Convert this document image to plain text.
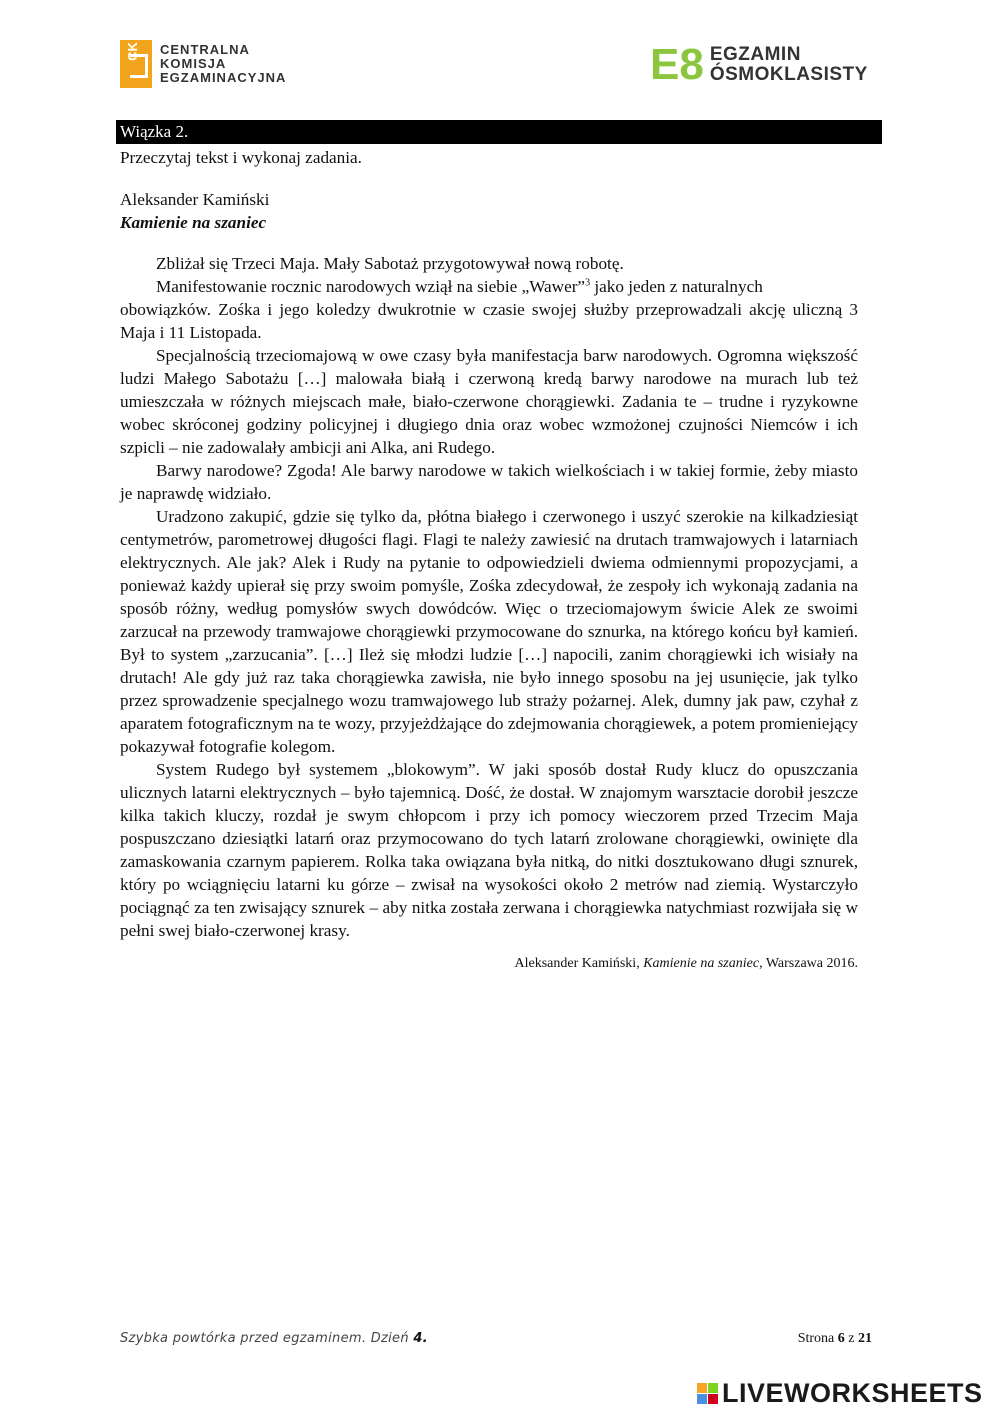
CK CENTRALNA
KOMISJA
EGZAMINACYJNA	E8 EGZAMIN
ÓSMOKLASISTY
Wiązka 2.

Przeczytaj tekst i wykonaj zadania.

Aleksander Kamiński

Kamienie na szaniec

Zbliżał się Trzeci Maja. Mały Sabotaż przygotowywał nową robotę.

Manifestowanie rocznic narodowych wziął na siebie „Wawer”$^3$ jako jeden z naturalnych

obowiązków. Zośka i jego koledzy dwukrotnie w czasie swojej służby przeprowadzali akcję uliczną 3 Maja i 11 Listopada.

Specjalnością trzeciomajową w owe czasy była manifestacja barw narodowych. Ogromna większość ludzi Małego Sabotażu […] malowała białą i czerwoną kredą barwy narodowe na murach lub też umieszczała w różnych miejscach małe, biało-czerwone chorągiewki. Zadania te – trudne i ryzykowne wobec skróconej godziny policyjnej i długiego dnia oraz wobec wzmożonej czujności Niemców i ich szpicli – nie zadowalały ambicji ani Alka, ani Rudego.

Barwy narodowe? Zgoda! Ale barwy narodowe w takich wielkościach i w takiej formie, żeby miasto je naprawdę widziało.

Uradzono zakupić, gdzie się tylko da, płótna białego i czerwonego i uszyć szerokie na kilkadziesiąt centymetrów, parometrowej długości flagi. Flagi te należy zawiesić na drutach tramwajowych i latarniach elektrycznych. Ale jak? Alek i Rudy na pytanie to odpowiedzieli dwiema odmiennymi propozycjami, a ponieważ każdy upierał się przy swoim pomyśle, Zośka zdecydował, że zespoły ich wykonają zadania na sposób różny, według pomysłów swych dowódców. Więc o trzeciomajowym świcie Alek ze swoimi zarzucał na przewody tramwajowe chorągiewki przymocowane do sznurka, na którego końcu był kamień. Był to system „zarzucania”. […] Ileż się młodzi ludzie […] napocili, zanim chorągiewki ich wisiały na drutach! Ale gdy już raz taka chorągiewka zawisła, nie było innego sposobu na jej usunięcie, jak tylko przez sprowadzenie specjalnego wozu tramwajowego lub straży pożarnej. Alek, dumny jak paw, czyhał z aparatem fotograficznym na te wozy, przyjeżdżające do zdejmowania chorągiewek, a potem promieniejący pokazywał fotografie kolegom.

System Rudego był systemem „blokowym”. W jaki sposób dostał Rudy klucz do opuszczania ulicznych latarni elektrycznych – było tajemnicą. Dość, że dostał. W znajomym warsztacie dorobił jeszcze kilka takich kluczy, rozdał je swym chłopcom i przy ich pomocy wieczorem przed Trzecim Maja pospuszczano dziesiątki latarń oraz przymocowano do tych latarń zrolowane chorągiewki, owinięte dla zamaskowania czarnym papierem. Rolka taka owiązana była nitką, do nitki dosztukowano długi sznurek, który po wciągnięciu latarni ku górze – zwisał na wysokości około 2 metrów nad ziemią. Wystarczyło pociągnąć za ten zwisający sznurek – aby nitka została zerwana i chorągiewka natychmiast rozwijała się w pełni swej biało-czerwonej krasy.

Aleksander Kamiński, Kamienie na szaniec, Warszawa 2016.
Szybka powtórka przed egzaminem. Dzień 4.	Strona 6 z 21
LIVEWORKSHEETS
